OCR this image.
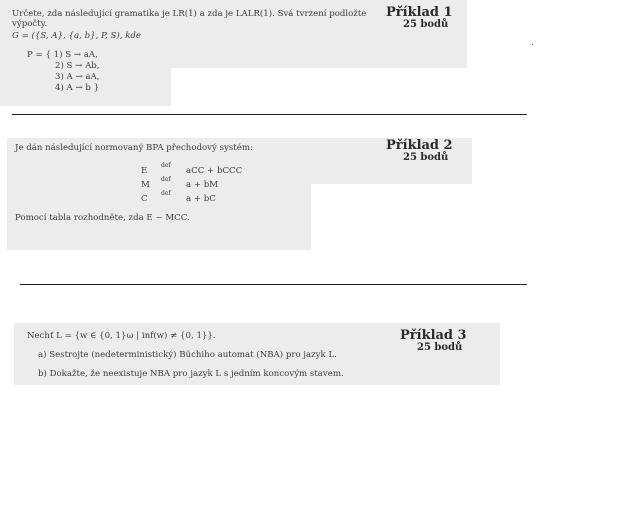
Určete, zda následující gramatika je LR(1) a zda je LALR(1). Svá tvrzení podložte
výpočty.
G = ({S, A}, {a, b}, P, S), kde
P = { 1) S → aA,
2) S → Ab,
3) A → aA,
4) A → b }
Příklad 1
25 bodů
Je dán následující normovaný BPA přechodový systém:
E
def
aCC + bCCC
M
def
a + bM
C
def
a + bC
Pomocí tabla rozhodněte, zda E ~ MCC.
Příklad 2
25 bodů
Nechť L = {w ∈ {0, 1}ω | inf(w) ≠ {0, 1}}.
a) Sestrojte (nedeterministický) Büchiho automat (NBA) pro jazyk L.
b) Dokažte, že neexistuje NBA pro jazyk L s jedním koncovým stavem.
Příklad 3
25 bodů
